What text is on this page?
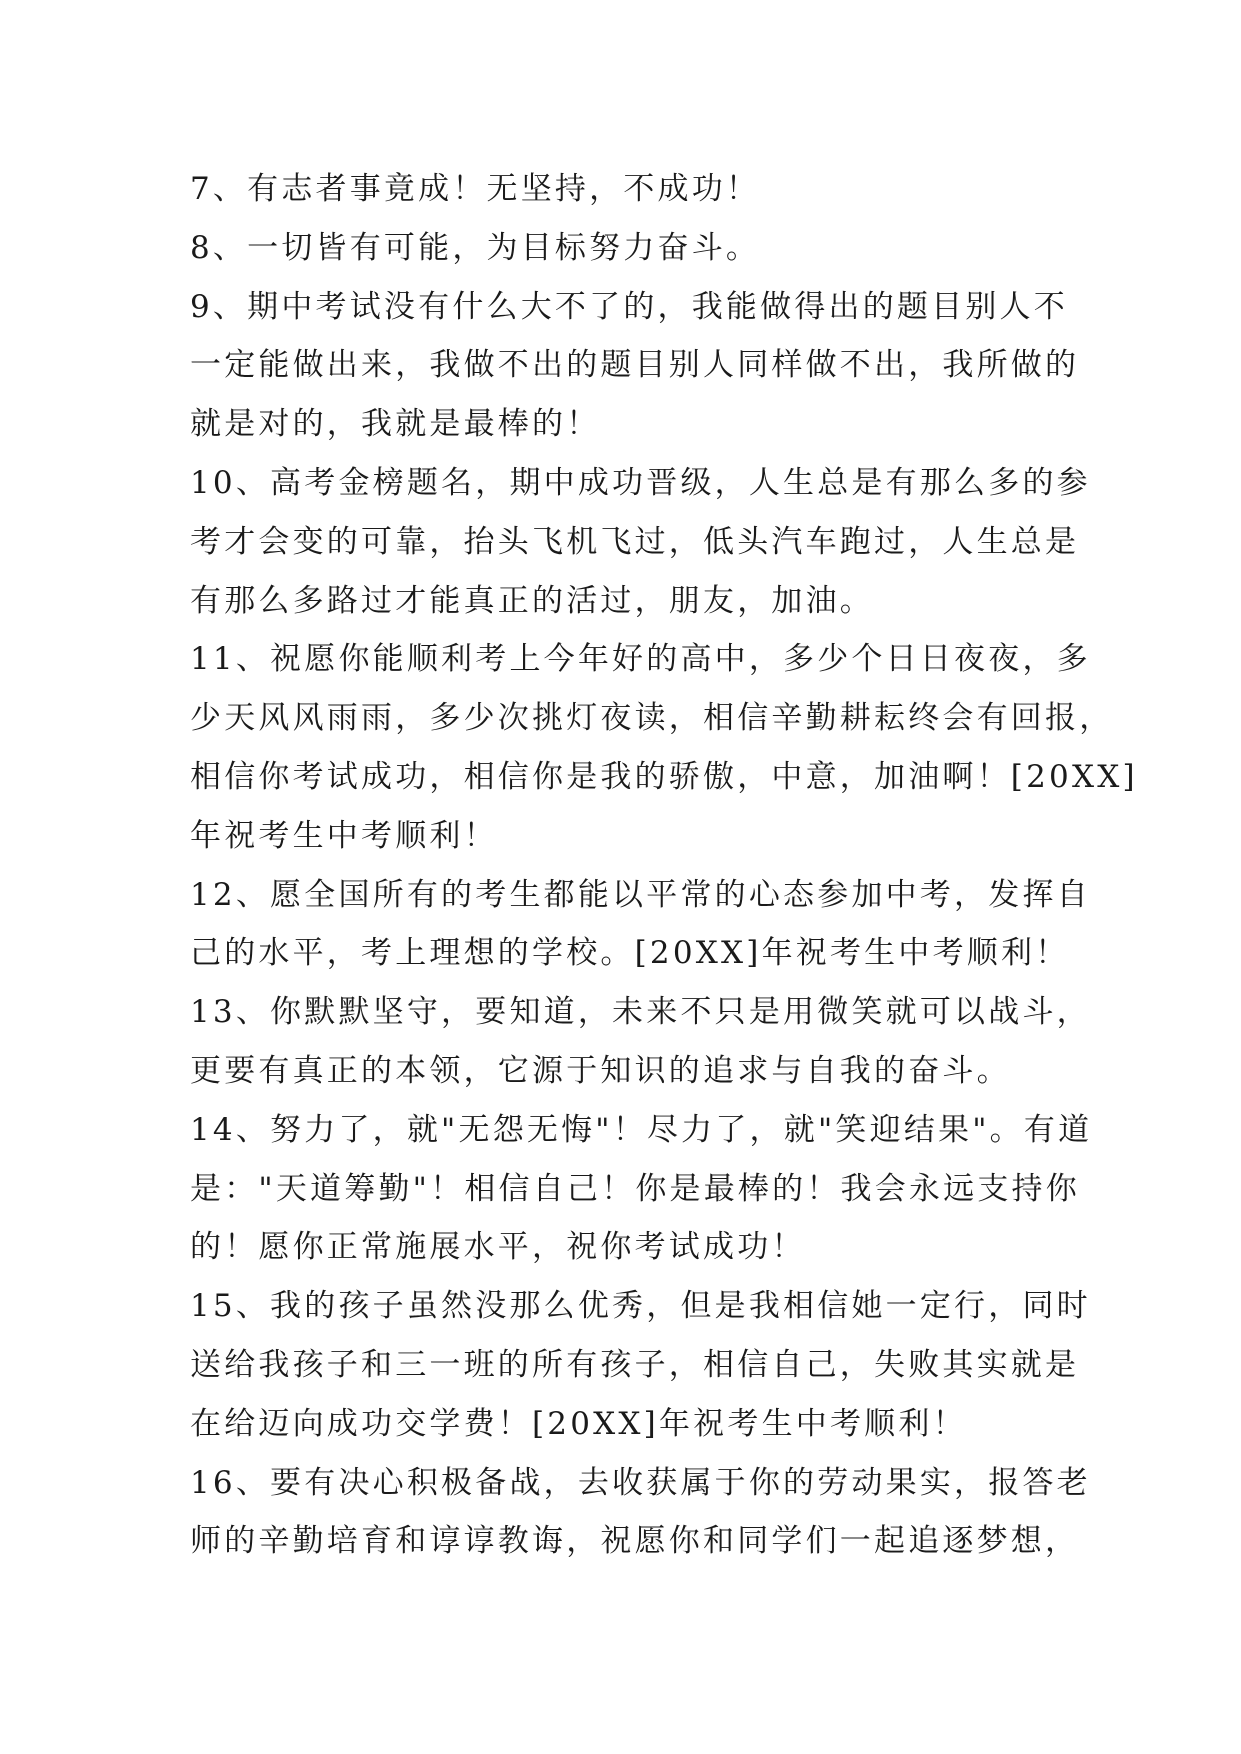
7、有志者事竟成！无坚持，不成功！
8、一切皆有可能，为目标努力奋斗。
9、期中考试没有什么大不了的，我能做得出的题目别人不
一定能做出来，我做不出的题目别人同样做不出，我所做的
就是对的，我就是最棒的！
10、高考金榜题名，期中成功晋级，人生总是有那么多的参
考才会变的可靠，抬头飞机飞过，低头汽车跑过，人生总是
有那么多路过才能真正的活过，朋友，加油。
11、祝愿你能顺利考上今年好的高中，多少个日日夜夜，多
少天风风雨雨，多少次挑灯夜读，相信辛勤耕耘终会有回报，
相信你考试成功，相信你是我的骄傲，中意，加油啊！[20XX]
年祝考生中考顺利！
12、愿全国所有的考生都能以平常的心态参加中考，发挥自
己的水平，考上理想的学校。[20XX]年祝考生中考顺利！
13、你默默坚守，要知道，未来不只是用微笑就可以战斗，
更要有真正的本领，它源于知识的追求与自我的奋斗。
14、努力了，就"无怨无悔"！尽力了，就"笑迎结果"。有道
是："天道筹勤"！相信自己！你是最棒的！我会永远支持你
的！愿你正常施展水平，祝你考试成功！
15、我的孩子虽然没那么优秀，但是我相信她一定行，同时
送给我孩子和三一班的所有孩子，相信自己，失败其实就是
在给迈向成功交学费！[20XX]年祝考生中考顺利！
16、要有决心积极备战，去收获属于你的劳动果实，报答老
师的辛勤培育和谆谆教诲，祝愿你和同学们一起追逐梦想，
